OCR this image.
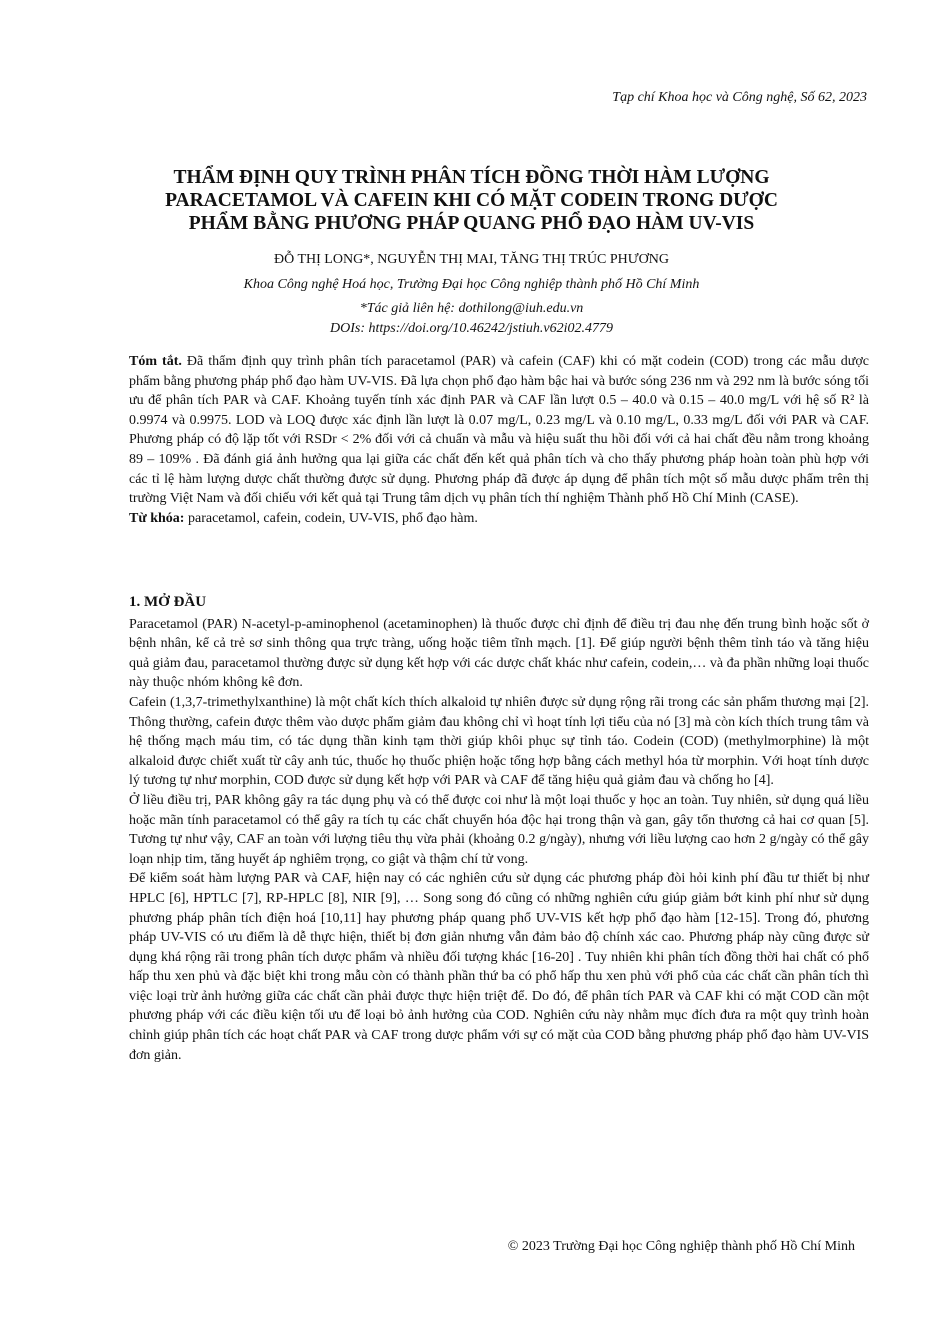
Tạp chí Khoa học và Công nghệ, Số 62, 2023
THẨM ĐỊNH QUY TRÌNH PHÂN TÍCH ĐỒNG THỜI HÀM LƯỢNG
PARACETAMOL VÀ CAFEIN KHI CÓ MẶT CODEIN TRONG DƯỢC
PHẨM BẰNG PHƯƠNG PHÁP QUANG PHỔ ĐẠO HÀM UV-VIS
ĐỖ THỊ LONG*, NGUYỄN THỊ MAI, TĂNG THỊ TRÚC PHƯƠNG
Khoa Công nghệ Hoá học, Trường Đại học Công nghiệp thành phố Hồ Chí Minh
*Tác giả liên hệ: dothilong@iuh.edu.vn
DOIs: https://doi.org/10.46242/jstiuh.v62i02.4779

Tóm tắt. Đã thẩm định quy trình phân tích paracetamol (PAR) và cafein (CAF) khi có mặt codein (COD) trong các mẫu dược phẩm bằng phương pháp phổ đạo hàm UV-VIS. Đã lựa chọn phổ đạo hàm bậc hai và bước sóng 236 nm và 292 nm là bước sóng tối ưu để phân tích PAR và CAF. Khoảng tuyến tính xác định PAR và CAF lần lượt 0.5 – 40.0 và 0.15 – 40.0 mg/L với hệ số R² là 0.9974 và 0.9975. LOD và LOQ được xác định lần lượt là 0.07 mg/L, 0.23 mg/L và 0.10 mg/L, 0.33 mg/L đối với PAR và CAF. Phương pháp có độ lặp tốt với RSDr < 2% đối với cả chuẩn và mẫu và hiệu suất thu hồi đối với cả hai chất đều nằm trong khoảng 89 – 109% . Đã đánh giá ảnh hưởng qua lại giữa các chất đến kết quả phân tích và cho thấy phương pháp hoàn toàn phù hợp với các tỉ lệ hàm lượng dược chất thường được sử dụng. Phương pháp đã được áp dụng để phân tích một số mẫu dược phẩm trên thị trường Việt Nam và đối chiếu với kết quả tại Trung tâm dịch vụ phân tích thí nghiệm Thành phố Hồ Chí Minh (CASE).

Từ khóa: paracetamol, cafein, codein, UV-VIS, phổ đạo hàm.

1. MỞ ĐẦU

Paracetamol (PAR) N-acetyl-p-aminophenol (acetaminophen) là thuốc được chỉ định để điều trị đau nhẹ đến trung bình hoặc sốt ở bệnh nhân, kể cả trẻ sơ sinh thông qua trực tràng, uống hoặc tiêm tĩnh mạch. [1]. Để giúp người bệnh thêm tỉnh táo và tăng hiệu quả giảm đau, paracetamol thường được sử dụng kết hợp với các dược chất khác như cafein, codein,… và đa phần những loại thuốc này thuộc nhóm không kê đơn.

Cafein (1,3,7-trimethylxanthine) là một chất kích thích alkaloid tự nhiên được sử dụng rộng rãi trong các sản phẩm thương mại [2]. Thông thường, cafein được thêm vào dược phẩm giảm đau không chỉ vì hoạt tính lợi tiểu của nó [3] mà còn kích thích trung tâm và hệ thống mạch máu tim, có tác dụng thần kinh tạm thời giúp khôi phục sự tỉnh táo. Codein (COD) (methylmorphine) là một alkaloid được chiết xuất từ cây anh túc, thuốc họ thuốc phiện hoặc tổng hợp bằng cách methyl hóa từ morphin. Với hoạt tính dược lý tương tự như morphin, COD được sử dụng kết hợp với PAR và CAF để tăng hiệu quả giảm đau và chống ho [4].

Ở liều điều trị, PAR không gây ra tác dụng phụ và có thể được coi như là một loại thuốc y học an toàn. Tuy nhiên, sử dụng quá liều hoặc mãn tính paracetamol có thể gây ra tích tụ các chất chuyển hóa độc hại trong thận và gan, gây tổn thương cả hai cơ quan [5]. Tương tự như vậy, CAF an toàn với lượng tiêu thụ vừa phải (khoảng 0.2 g/ngày), nhưng với liều lượng cao hơn 2 g/ngày có thể gây loạn nhịp tim, tăng huyết áp nghiêm trọng, co giật và thậm chí tử vong.

Để kiểm soát hàm lượng PAR và CAF, hiện nay có các nghiên cứu sử dụng các phương pháp đòi hỏi kinh phí đầu tư thiết bị như HPLC [6], HPTLC [7], RP-HPLC [8], NIR [9], … Song song đó cũng có những nghiên cứu giúp giảm bớt kinh phí như sử dụng phương pháp phân tích điện hoá [10,11] hay phương pháp quang phổ UV-VIS kết hợp phổ đạo hàm [12-15]. Trong đó, phương pháp UV-VIS có ưu điểm là dễ thực hiện, thiết bị đơn giản nhưng vẫn đảm bảo độ chính xác cao. Phương pháp này cũng được sử dụng khá rộng rãi trong phân tích dược phẩm và nhiều đối tượng khác [16-20] . Tuy nhiên khi phân tích đồng thời hai chất có phổ hấp thu xen phủ và đặc biệt khi trong mẫu còn có thành phần thứ ba có phổ hấp thu xen phủ với phổ của các chất cần phân tích thì việc loại trừ ảnh hưởng giữa các chất cần phải được thực hiện triệt để. Do đó, để phân tích PAR và CAF khi có mặt COD cần một phương pháp với các điều kiện tối ưu để loại bỏ ảnh hưởng của COD. Nghiên cứu này nhằm mục đích đưa ra một quy trình hoàn chỉnh giúp phân tích các hoạt chất PAR và CAF trong dược phẩm với sự có mặt của COD bằng phương pháp phổ đạo hàm UV-VIS đơn giản.

© 2023 Trường Đại học Công nghiệp thành phố Hồ Chí Minh
